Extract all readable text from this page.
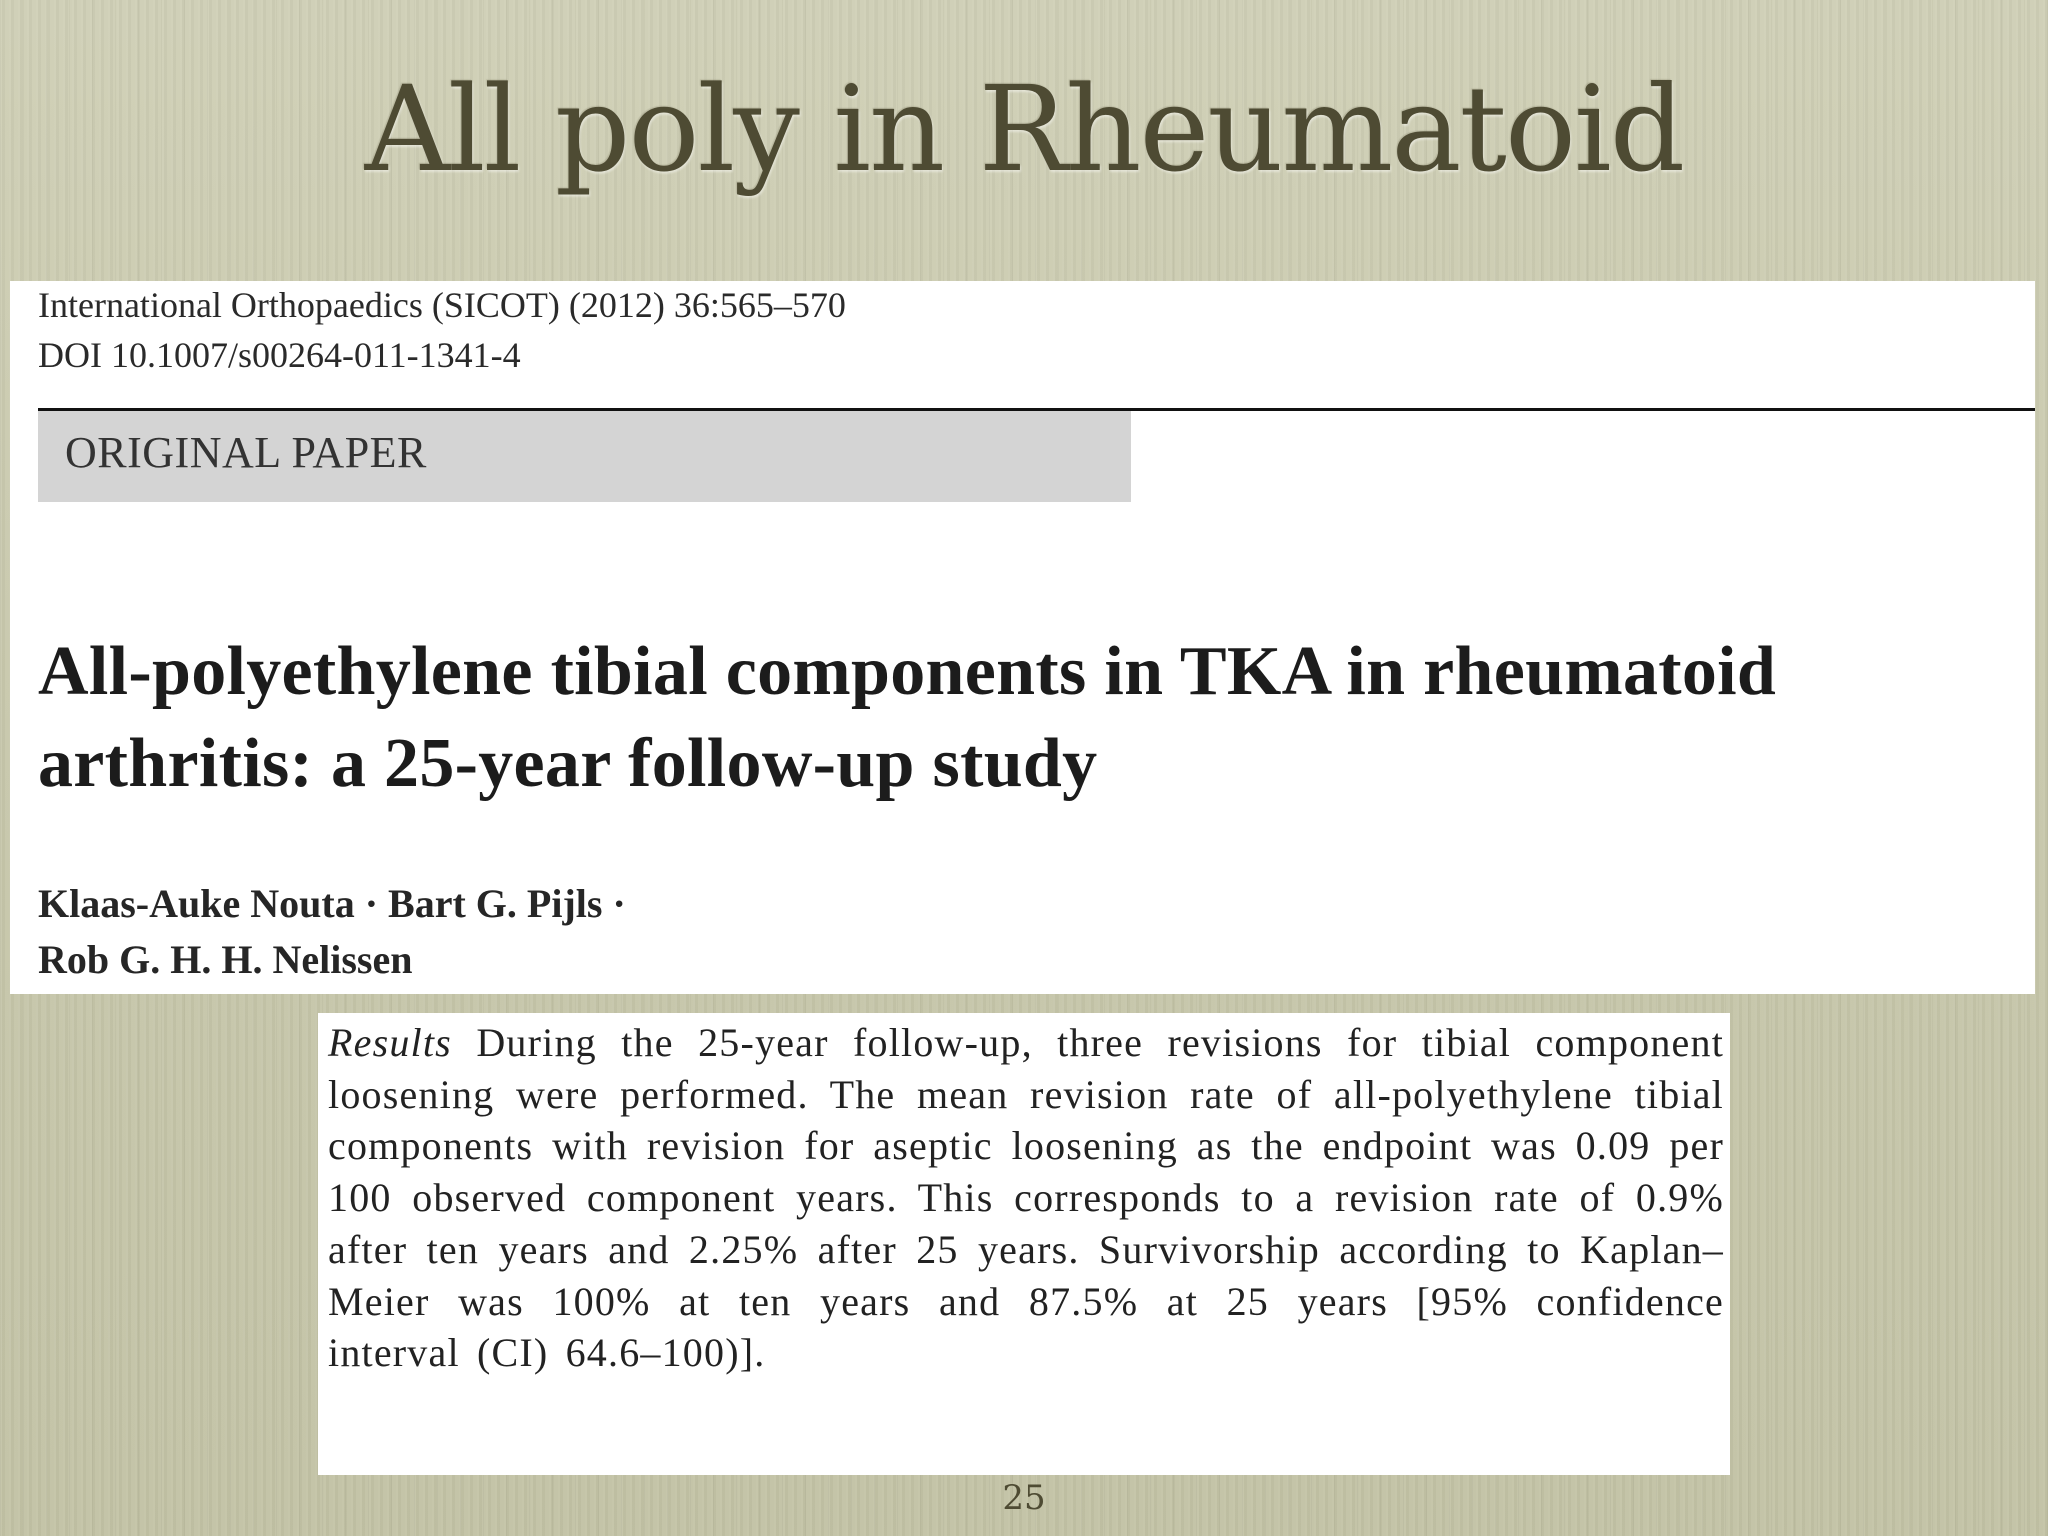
All poly in Rheumatoid
International Orthopaedics (SICOT) (2012) 36:565–570
DOI 10.1007/s00264-011-1341-4
ORIGINAL PAPER
All-polyethylene tibial components in TKA in rheumatoid arthritis: a 25-year follow-up study
Klaas-Auke Nouta · Bart G. Pijls ·
Rob G. H. H. Nelissen
Results During the 25-year follow-up, three revisions for tibial component loosening were performed. The mean revision rate of all-polyethylene tibial components with revision for aseptic loosening as the endpoint was 0.09 per 100 observed component years. This corresponds to a revision rate of 0.9% after ten years and 2.25% after 25 years. Survivorship according to Kaplan–Meier was 100% at ten years and 87.5% at 25 years [95% confidence interval (CI) 64.6–100)].
25
